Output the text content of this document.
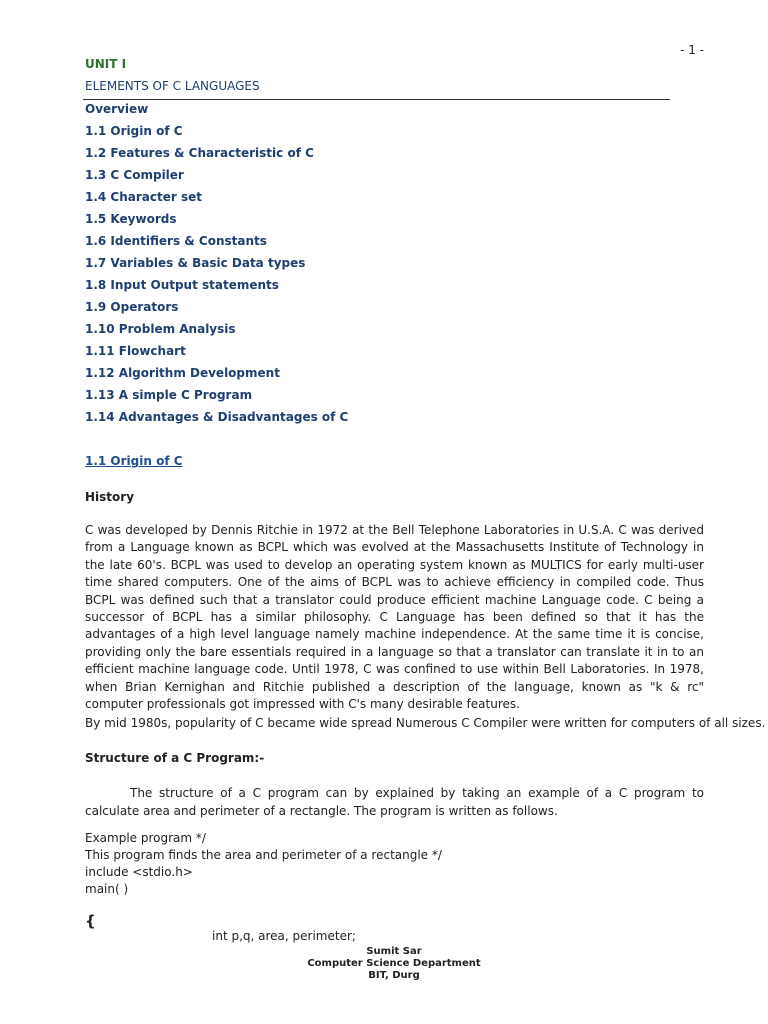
- 1 -
UNIT I
ELEMENTS OF C LANGUAGES
Overview
1.1 Origin of C
1.2 Features & Characteristic of C
1.3 C Compiler
1.4 Character set
1.5 Keywords
1.6 Identifiers & Constants
1.7 Variables & Basic Data types
1.8 Input Output statements
1.9 Operators
1.10 Problem Analysis
1.11 Flowchart
1.12 Algorithm Development
1.13 A simple C Program
1.14 Advantages & Disadvantages of C
1.1 Origin of C
History

C was developed by Dennis Ritchie in 1972 at the Bell Telephone Laboratories in U.S.A. C was derived from a Language known as BCPL which was evolved at the Massachusetts Institute of Technology in the late 60's. BCPL was used to develop an operating system known as MULTICS for early multi-user time shared computers. One of the aims of BCPL was to achieve efficiency in compiled code. Thus BCPL was defined such that a translator could produce efficient machine Language code. C being a successor of BCPL has a similar philosophy. C Language has been defined so that it has the advantages of a high level language namely machine independence. At the same time it is concise, providing only the bare essentials required in a language so that a translator can translate it in to an efficient machine language code. Until 1978, C was confined to use within Bell Laboratories. In 1978, when Brian Kernighan and Ritchie published a description of the language, known as "k & rc" computer professionals got impressed with C's many desirable features.

By mid 1980s, popularity of C became wide spread Numerous C Compiler were written for computers of all sizes.

Structure of a C Program:-

The structure of a C program can by explained by taking an example of a C program to calculate area and perimeter of a rectangle. The program is written as follows.

Example program */
This program finds the area and perimeter of a rectangle */
include <stdio.h>
main( )
{
int p,q, area, perimeter;
Sumit Sar
Computer Science Department
BIT, Durg
